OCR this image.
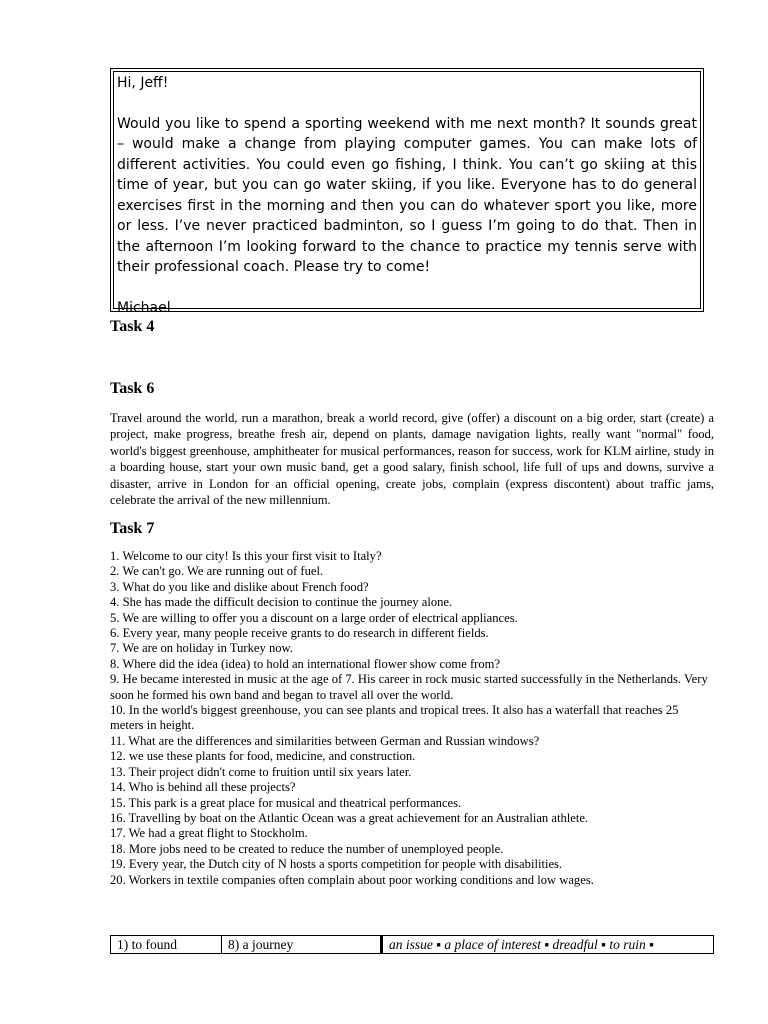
Hi, Jeff!

Would you like to spend a sporting weekend with me next month? It sounds great – would make a change from playing computer games. You can make lots of different activities. You could even go fishing, I think. You can’t go skiing at this time of year, but you can go water skiing, if you like. Everyone has to do general exercises first in the morning and then you can do whatever sport you like, more or less. I’ve never practiced badminton, so I guess I’m going to do that. Then in the afternoon I’m looking forward to the chance to practice my tennis serve with their professional coach. Please try to come!

Michael

Task 4
Task 6

Travel around the world, run a marathon, break a world record, give (offer) a discount on a big order, start (create) a project, make progress, breathe fresh air, depend on plants, damage navigation lights, really want "normal" food, world's biggest greenhouse, amphitheater for musical performances, reason for success, work for KLM airline, study in a boarding house, start your own music band, get a good salary, finish school, life full of ups and downs, survive a disaster, arrive in London for an official opening, create jobs, complain (express discontent) about traffic jams, celebrate the arrival of the new millennium.

Task 7
1. Welcome to our city! Is this your first visit to Italy?
2. We can't go. We are running out of fuel.
3. What do you like and dislike about French food?
4. She has made the difficult decision to continue the journey alone.
5. We are willing to offer you a discount on a large order of electrical appliances.
6. Every year, many people receive grants to do research in different fields.
7. We are on holiday in Turkey now.
8. Where did the idea (idea) to hold an international flower show come from?
9. He became interested in music at the age of 7. His career in rock music started successfully in the Netherlands. Very soon he formed his own band and began to travel all over the world.
10. In the world's biggest greenhouse, you can see plants and tropical trees. It also has a waterfall that reaches 25 meters in height.
11. What are the differences and similarities between German and Russian windows?
12. we use these plants for food, medicine, and construction.
13. Their project didn't come to fruition until six years later.
14. Who is behind all these projects?
15. This park is a great place for musical and theatrical performances.
16. Travelling by boat on the Atlantic Ocean was a great achievement for an Australian athlete.
17. We had a great flight to Stockholm.
18. More jobs need to be created to reduce the number of unemployed people.
19. Every year, the Dutch city of N hosts a sports competition for people with disabilities.
20. Workers in textile companies often complain about poor working conditions and low wages.
1) to found	8) a journey	an issue ▪ a place of interest ▪ dreadful ▪ to ruin ▪
